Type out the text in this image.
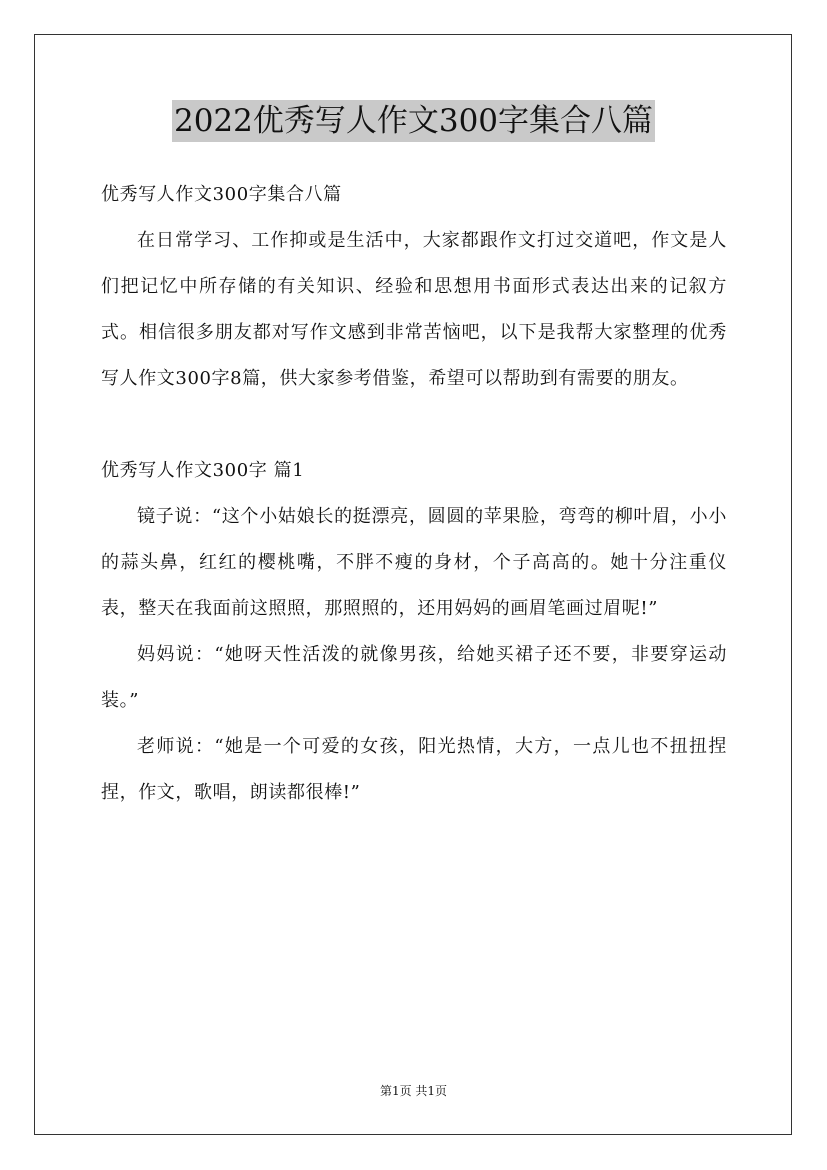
2022优秀写人作文300字集合八篇

优秀写人作文300字集合八篇

在日常学习、工作抑或是生活中，大家都跟作文打过交道吧，作文是人们把记忆中所存储的有关知识、经验和思想用书面形式表达出来的记叙方式。相信很多朋友都对写作文感到非常苦恼吧，以下是我帮大家整理的优秀写人作文300字8篇，供大家参考借鉴，希望可以帮助到有需要的朋友。

优秀写人作文300字 篇1

镜子说：“这个小姑娘长的挺漂亮，圆圆的苹果脸，弯弯的柳叶眉，小小的蒜头鼻，红红的樱桃嘴，不胖不瘦的身材，个子高高的。她十分注重仪表，整天在我面前这照照，那照照的，还用妈妈的画眉笔画过眉呢!”

妈妈说：“她呀天性活泼的就像男孩，给她买裙子还不要，非要穿运动装。”

老师说：“她是一个可爱的女孩，阳光热情，大方，一点儿也不扭扭捏捏，作文，歌唱，朗读都很棒!”

第1页 共1页
